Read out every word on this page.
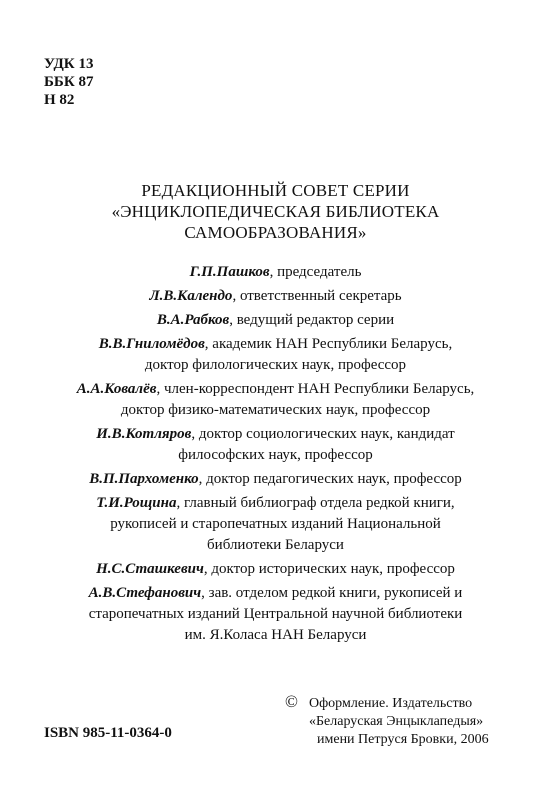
УДК 13
ББК 87
Н 82
РЕДАКЦИОННЫЙ СОВЕТ СЕРИИ
«ЭНЦИКЛОПЕДИЧЕСКАЯ БИБЛИОТЕКА
САМООБРАЗОВАНИЯ»
Г.П.Пашков, председатель
Л.В.Календо, ответственный секретарь
В.А.Рабков, ведущий редактор серии
В.В.Гниломёдов, академик НАН Республики Беларусь,
доктор филологических наук, профессор
А.А.Ковалёв, член-корреспондент НАН Республики Беларусь,
доктор физико-математических наук, профессор
И.В.Котляров, доктор социологических наук, кандидат
философских наук, профессор
В.П.Пархоменко, доктор педагогических наук, профессор
Т.И.Рощина, главный библиограф отдела редкой книги,
рукописей и старопечатных изданий Национальной
библиотеки Беларуси
Н.С.Сташкевич, доктор исторических наук, профессор
А.В.Стефанович, зав. отделом редкой книги, рукописей и
старопечатных изданий Центральной научной библиотеки
им. Я.Коласа НАН Беларуси
ISBN 985-11-0364-0
© Оформление. Издательство
«Беларуская Энцыклапедыя»
имени Петруся Бровки, 2006
